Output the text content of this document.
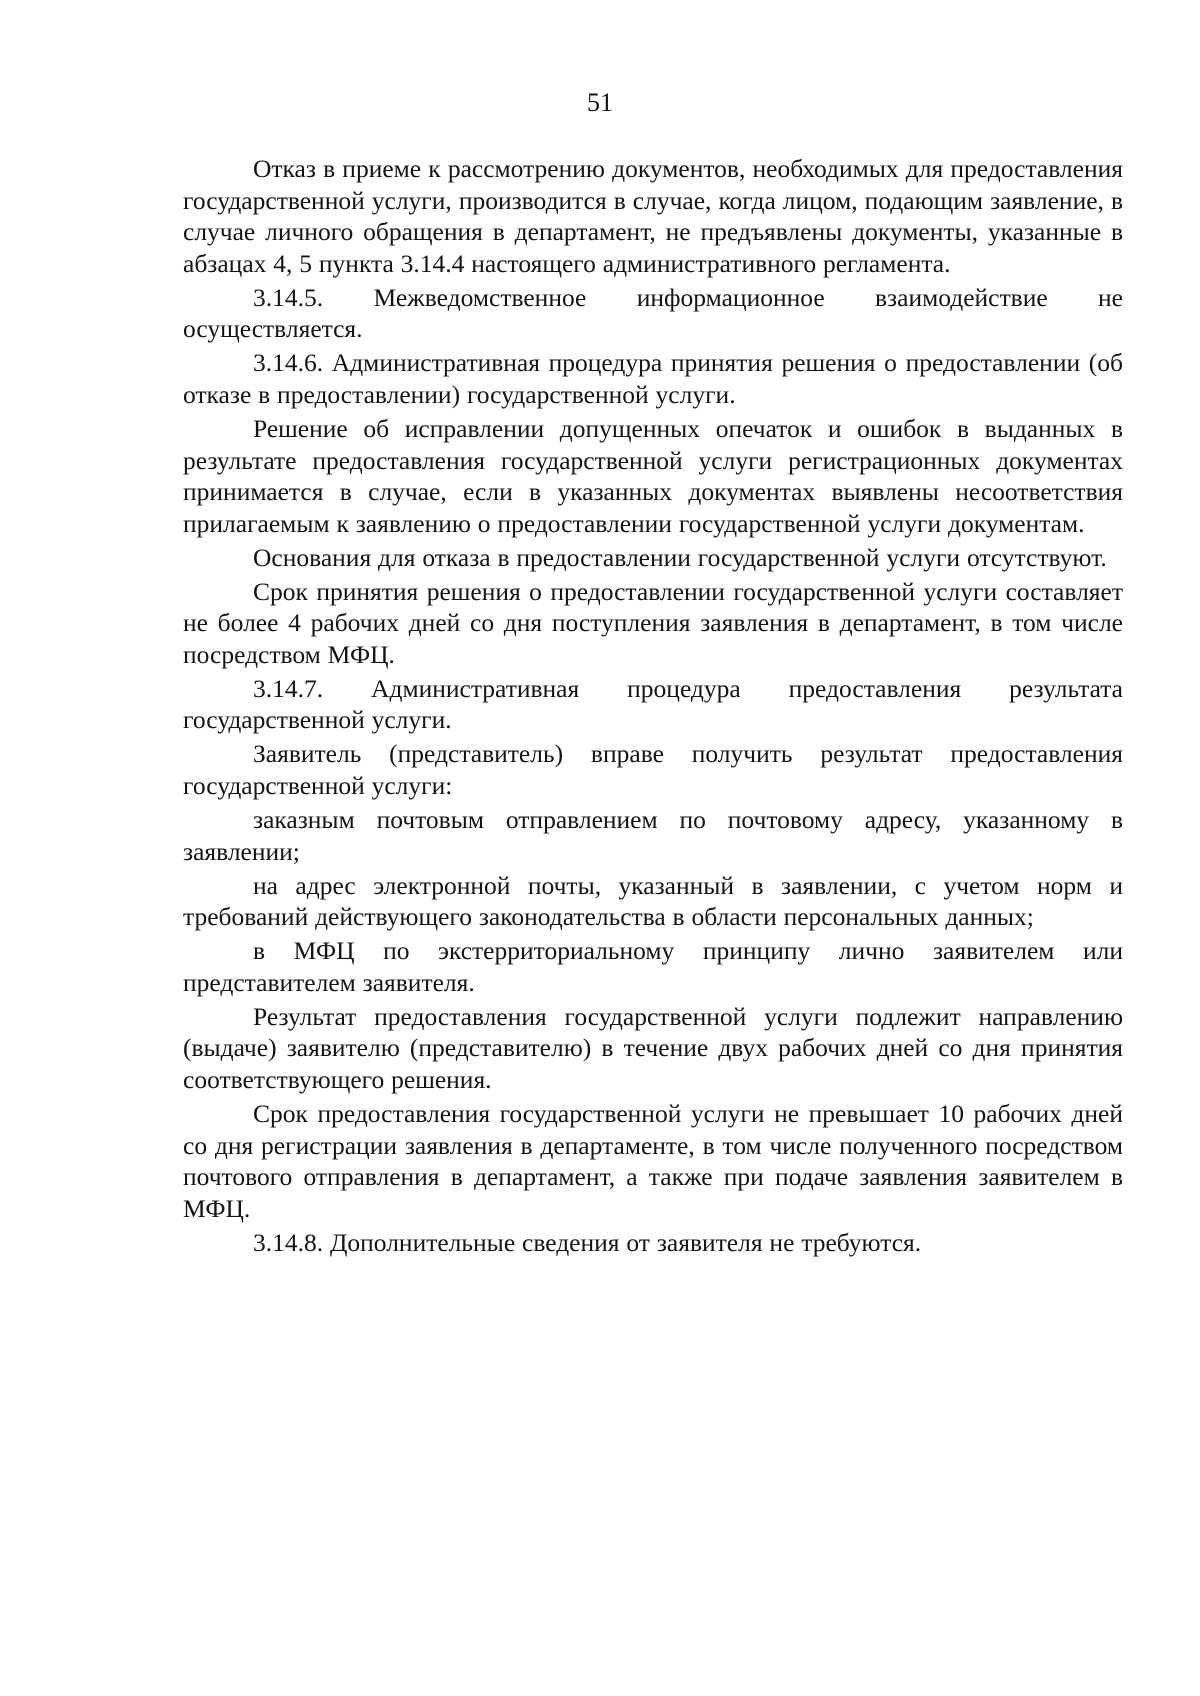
51

Отказ в приеме к рассмотрению документов, необходимых для предоставления государственной услуги, производится в случае, когда лицом, подающим заявление, в случае личного обращения в департамент, не предъявлены документы, указанные в абзацах 4, 5 пункта 3.14.4 настоящего административного регламента.

3.14.5. Межведомственное информационное взаимодействие не осуществляется.

3.14.6. Административная процедура принятия решения о предоставлении (об отказе в предоставлении) государственной услуги.

Решение об исправлении допущенных опечаток и ошибок в выданных в результате предоставления государственной услуги регистрационных документах принимается в случае, если в указанных документах выявлены несоответствия прилагаемым к заявлению о предоставлении государственной услуги документам.

Основания для отказа в предоставлении государственной услуги отсутствуют.

Срок принятия решения о предоставлении государственной услуги составляет не более 4 рабочих дней со дня поступления заявления в департамент, в том числе посредством МФЦ.

3.14.7. Административная процедура предоставления результата государственной услуги.

Заявитель (представитель) вправе получить результат предоставления государственной услуги:

заказным почтовым отправлением по почтовому адресу, указанному в заявлении;

на адрес электронной почты, указанный в заявлении, с учетом норм и требований действующего законодательства в области персональных данных;

в МФЦ по экстерриториальному принципу лично заявителем или представителем заявителя.

Результат предоставления государственной услуги подлежит направлению (выдаче) заявителю (представителю) в течение двух рабочих дней со дня принятия соответствующего решения.

Срок предоставления государственной услуги не превышает 10 рабочих дней со дня регистрации заявления в департаменте, в том числе полученного посредством почтового отправления в департамент, а также при подаче заявления заявителем в МФЦ.

3.14.8. Дополнительные сведения от заявителя не требуются.
